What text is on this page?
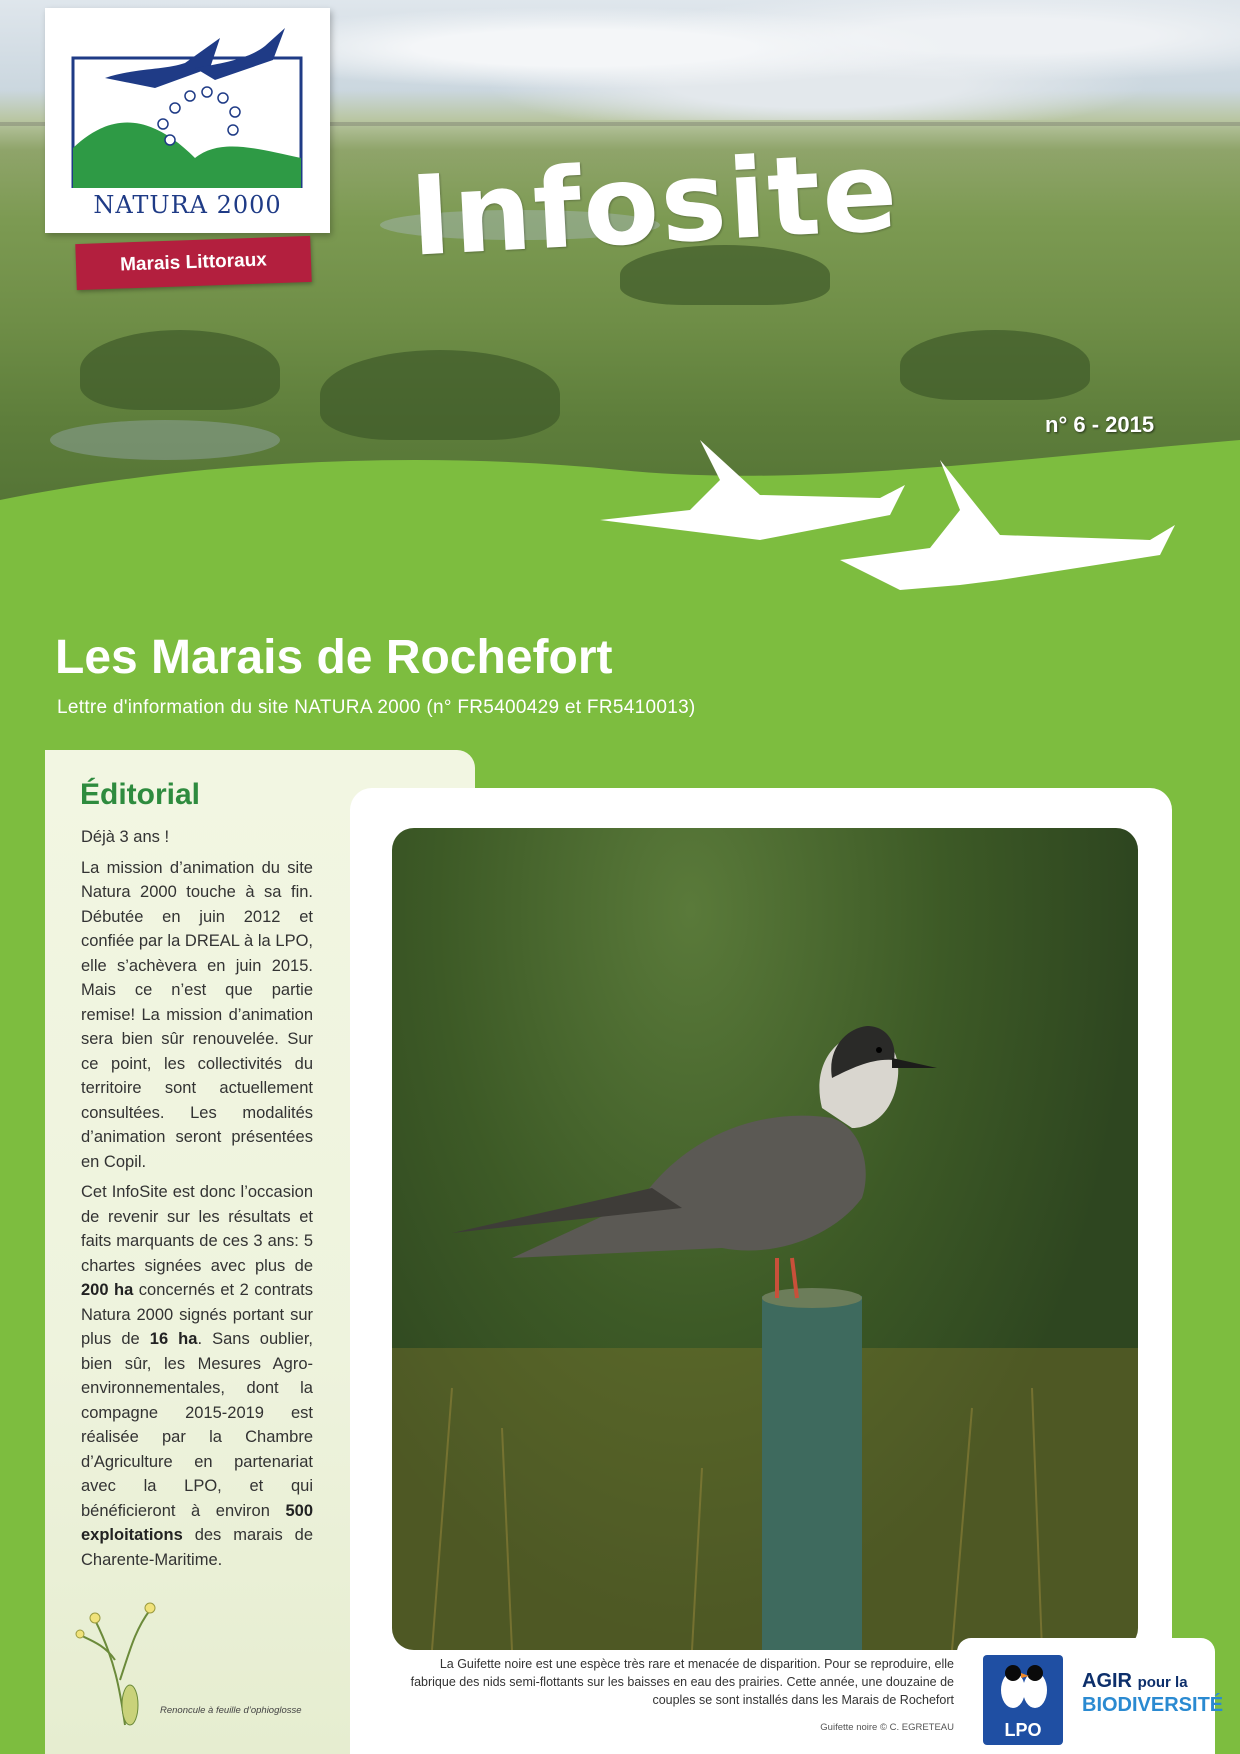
NATURA 2000
Marais Littoraux	Infosite
n° 6 - 2015
Les Marais de Rochefort
Lettre d'information du site NATURA 2000 (n° FR5400429 et FR5410013)
Éditorial

Déjà 3 ans !

La mission d’animation du site Natura 2000 touche à sa fin. Débutée en juin 2012 et confiée par la DREAL à la LPO, elle s’achèvera en juin 2015. Mais ce n’est que partie remise! La mission d’animation sera bien sûr renouvelée. Sur ce point, les collectivités du territoire sont actuellement consultées. Les modalités d’animation seront présentées en Copil.

Cet InfoSite est donc l’occasion de revenir sur les résultats et faits marquants de ces 3 ans: 5 chartes signées avec plus de 200 ha concernés et 2 contrats Natura 2000 signés portant sur plus de 16 ha. Sans oublier, bien sûr, les Mesures Agro-environnementales, dont la compagne 2015-2019 est réalisée par la Chambre d’Agriculture en partenariat avec la LPO, et qui bénéficieront à environ 500 exploitations des marais de Charente-Maritime.

Renoncule à feuille d’ophioglosse
La Guifette noire est une espèce très rare et menacée de disparition. Pour se reproduire, elle fabrique des nids semi-flottants sur les baisses en eau des prairies. Cette année, une douzaine de couples se sont installés dans les Marais de Rochefort
Guifette noire © C. EGRETEAU	LPO
AGIR pour la
BIODIVERSITÉ
